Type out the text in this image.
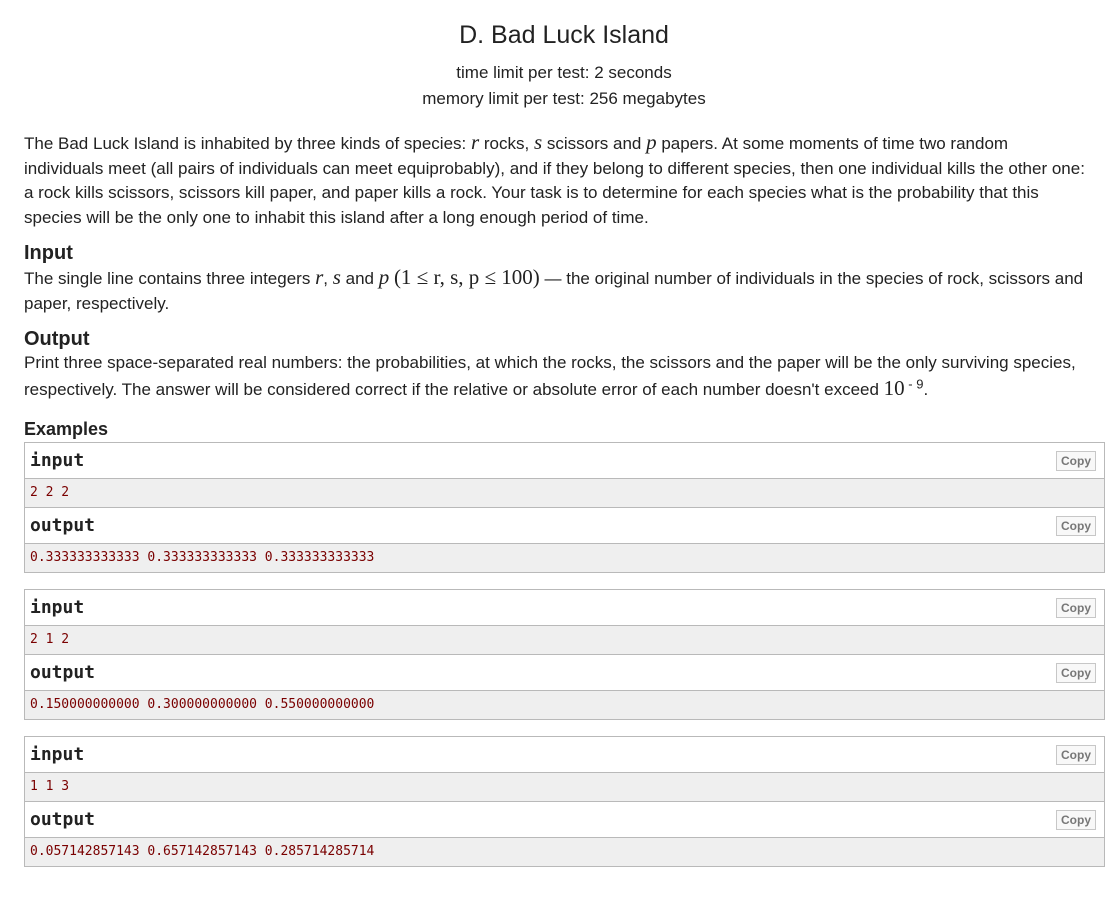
D. Bad Luck Island
time limit per test: 2 seconds
memory limit per test: 256 megabytes
The Bad Luck Island is inhabited by three kinds of species: r rocks, s scissors and p papers. At some moments of time two random individuals meet (all pairs of individuals can meet equiprobably), and if they belong to different species, then one individual kills the other one: a rock kills scissors, scissors kill paper, and paper kills a rock. Your task is to determine for each species what is the probability that this species will be the only one to inhabit this island after a long enough period of time.
Input
The single line contains three integers r, s and p (1 ≤ r, s, p ≤ 100) — the original number of individuals in the species of rock, scissors and paper, respectively.
Output
Print three space-separated real numbers: the probabilities, at which the rocks, the scissors and the paper will be the only surviving species, respectively. The answer will be considered correct if the relative or absolute error of each number doesn't exceed 10 $^{- 9}$.
Examples
input	Copy
2 2 2
output	Copy
0.333333333333 0.333333333333 0.333333333333
input	Copy
2 1 2
output	Copy
0.150000000000 0.300000000000 0.550000000000
input	Copy
1 1 3
output	Copy
0.057142857143 0.657142857143 0.285714285714
